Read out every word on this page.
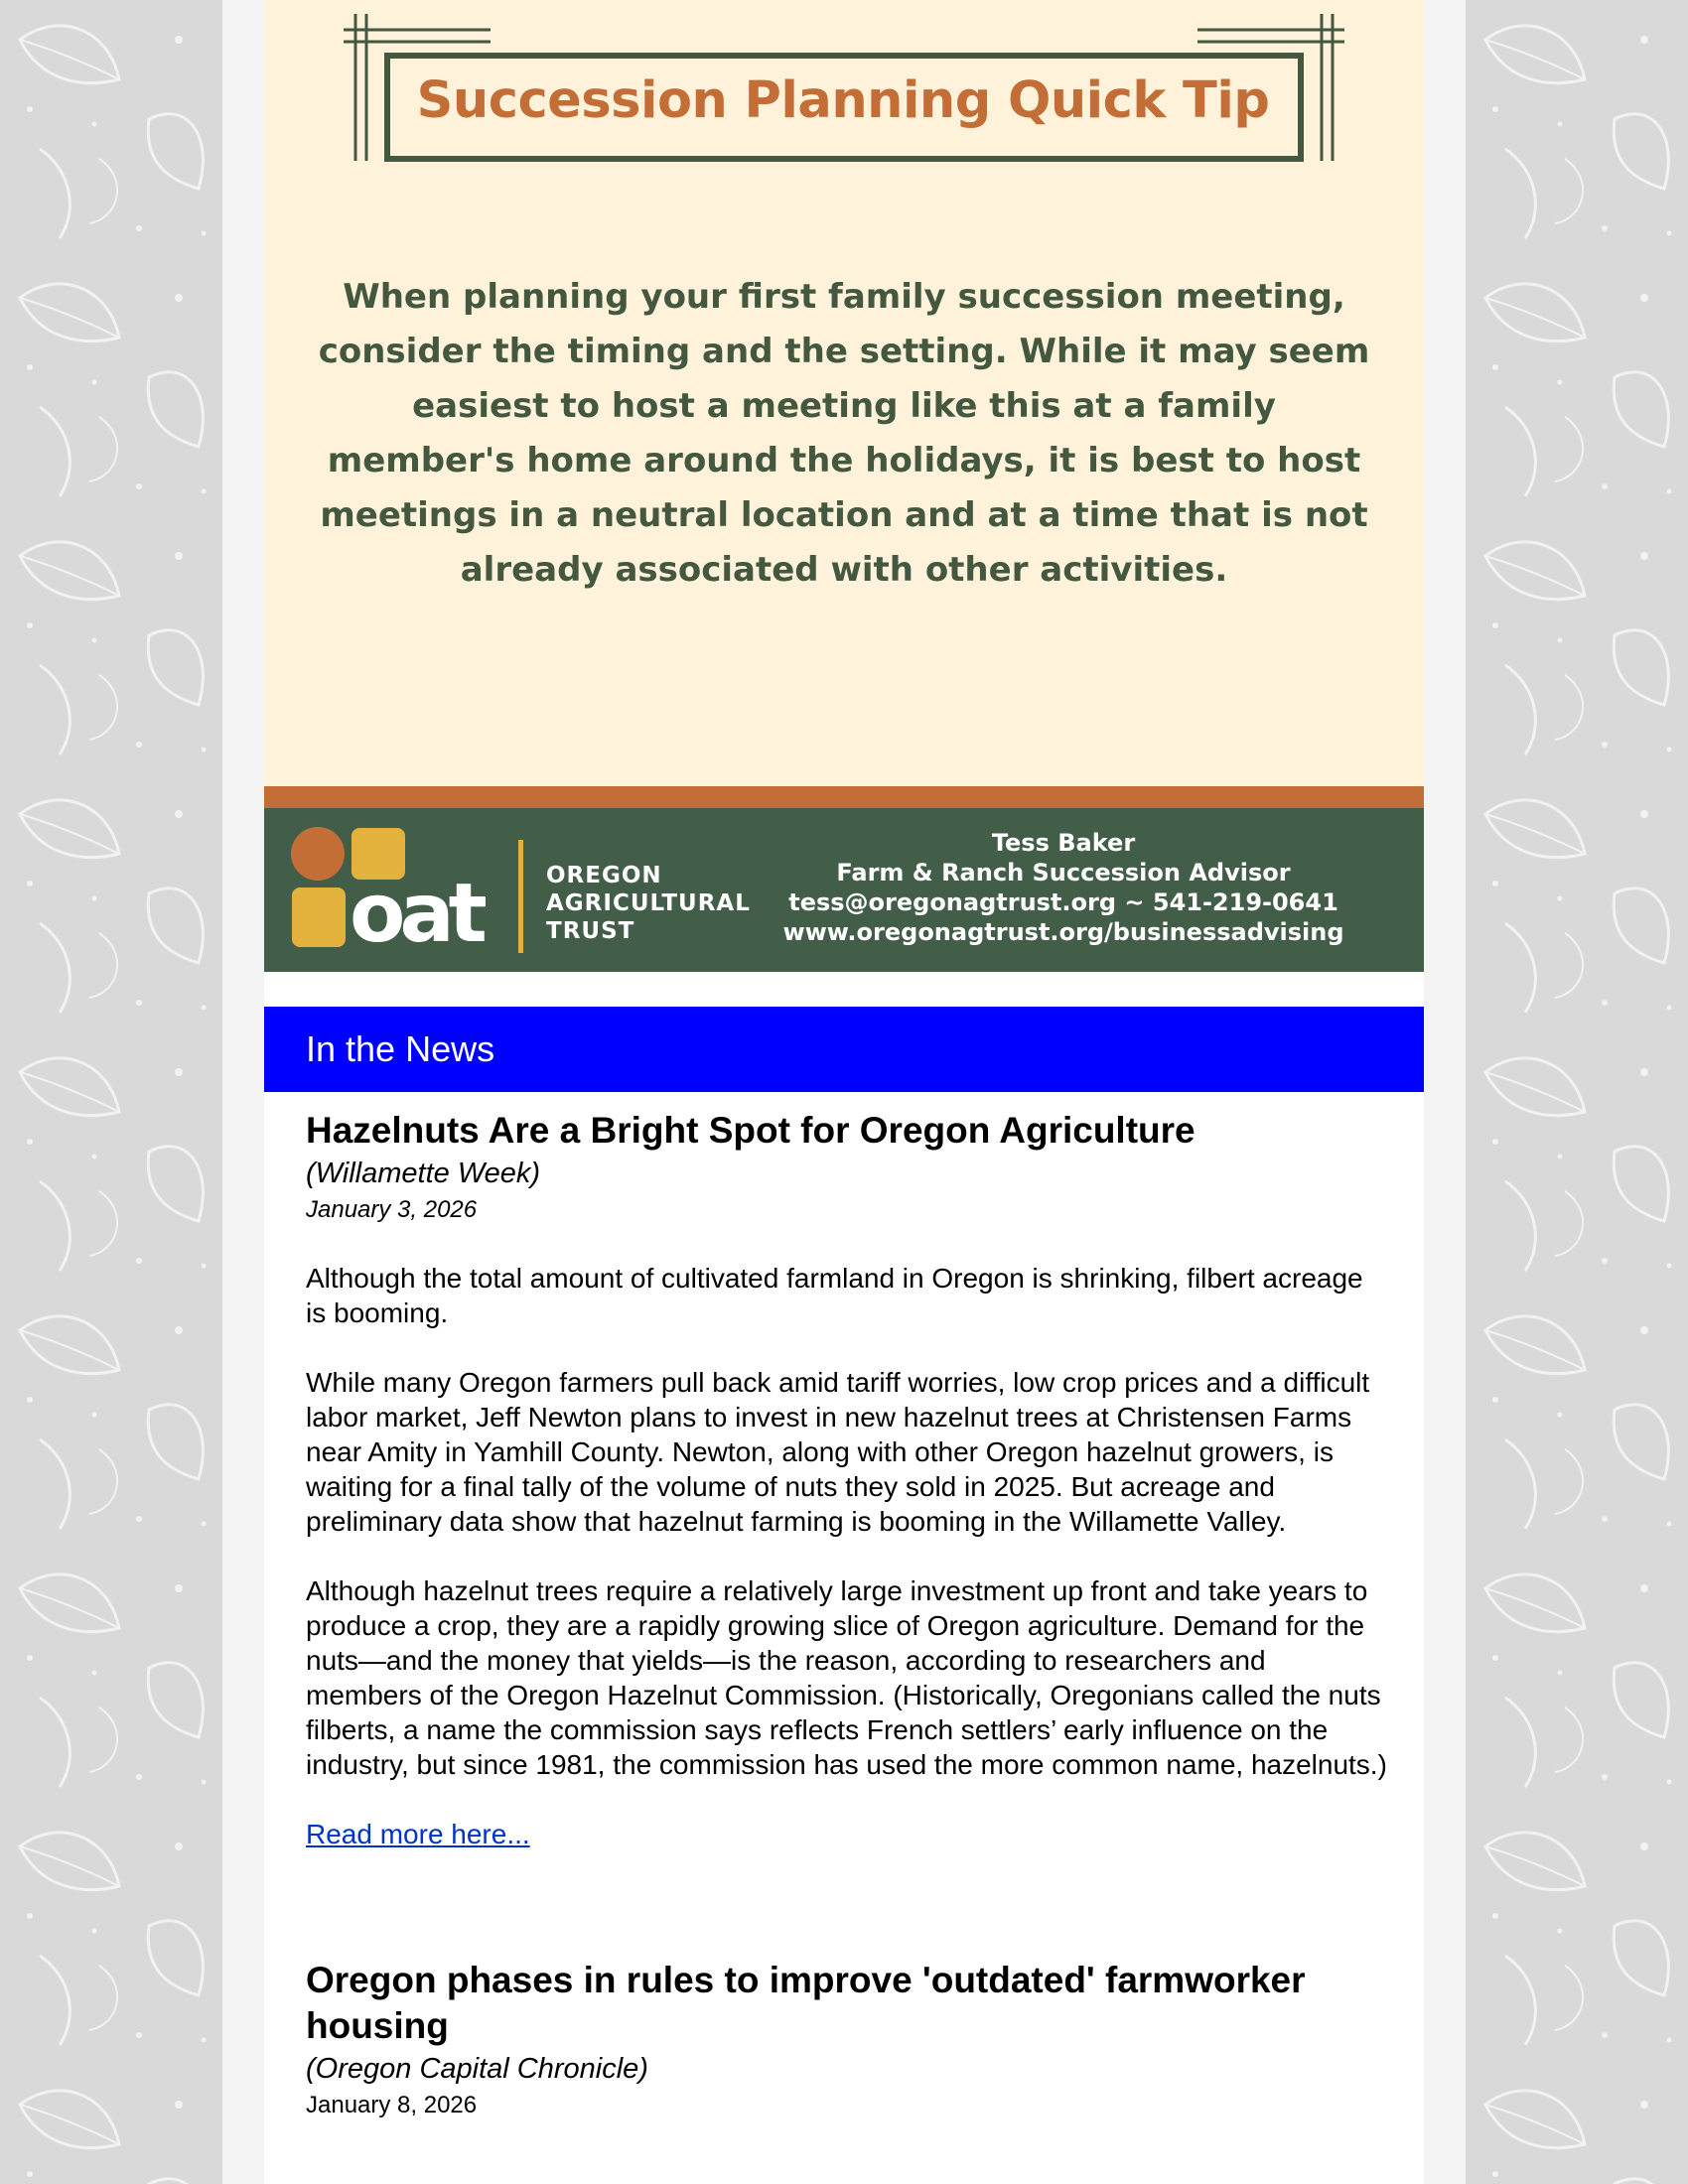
Succession Planning Quick Tip
When planning your first family succession meeting,
consider the timing and the setting. While it may seem
easiest to host a meeting like this at a family
member's home around the holidays, it is best to host
meetings in a neutral location and at a time that is not
already associated with other activities.
oat	OREGON
AGRICULTURAL
TRUST
Tess Baker
Farm & Ranch Succession Advisor
tess@oregonagtrust.org ~ 541-219-0641
www.oregonagtrust.org/businessadvising
In the News
Hazelnuts Are a Bright Spot for Oregon Agriculture

(Willamette Week)

January 3, 2026

Although the total amount of cultivated farmland in Oregon is shrinking, filbert acreage is booming.

While many Oregon farmers pull back amid tariff worries, low crop prices and a difficult labor market, Jeff Newton plans to invest in new hazelnut trees at Christensen Farms near Amity in Yamhill County. Newton, along with other Oregon hazelnut growers, is waiting for a final tally of the volume of nuts they sold in 2025. But acreage and preliminary data show that hazelnut farming is booming in the Willamette Valley.

Although hazelnut trees require a relatively large investment up front and take years to produce a crop, they are a rapidly growing slice of Oregon agriculture. Demand for the nuts—and the money that yields—is the reason, according to researchers and members of the Oregon Hazelnut Commission. (Historically, Oregonians called the nuts filberts, a name the commission says reflects French settlers’ early influence on the industry, but since 1981, the commission has used the more common name, hazelnuts.)

Read more here...

Oregon phases in rules to improve 'outdated' farmworker housing

(Oregon Capital Chronicle)

January 8, 2026
